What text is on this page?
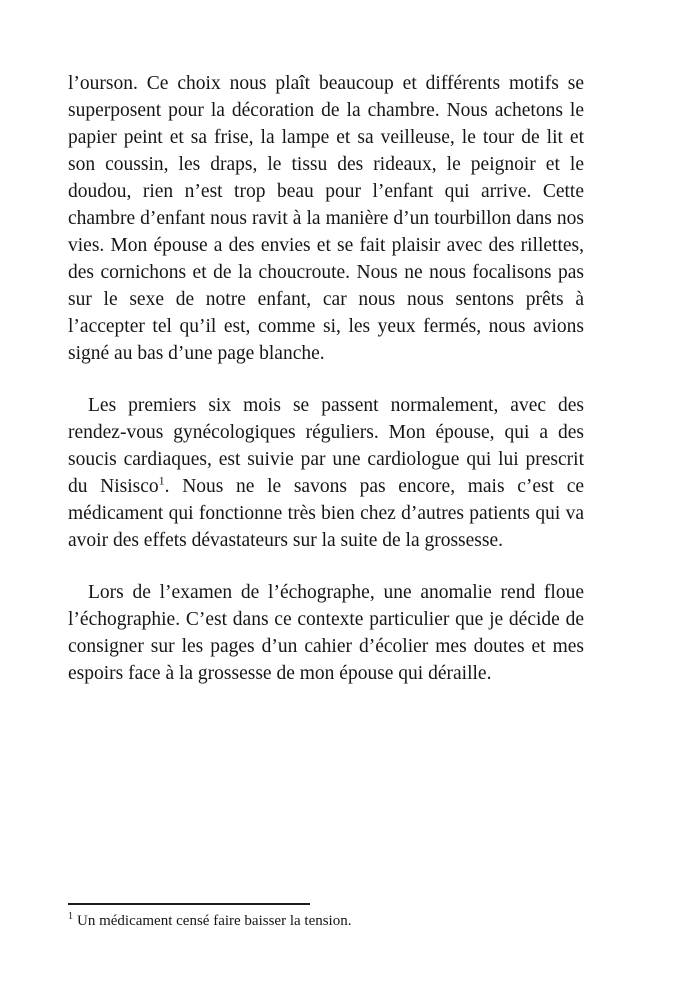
l’ourson. Ce choix nous plaît beaucoup et différents motifs se superposent pour la décoration de la chambre. Nous achetons le papier peint et sa frise, la lampe et sa veilleuse, le tour de lit et son coussin, les draps, le tissu des rideaux, le peignoir et le doudou, rien n’est trop beau pour l’enfant qui arrive. Cette chambre d’enfant nous ravit à la manière d’un tourbillon dans nos vies. Mon épouse a des envies et se fait plaisir avec des rillettes, des cornichons et de la choucroute. Nous ne nous focalisons pas sur le sexe de notre enfant, car nous nous sentons prêts à l’accepter tel qu’il est, comme si, les yeux fermés, nous avions signé au bas d’une page blanche.

Les premiers six mois se passent normalement, avec des rendez-vous gynécologiques réguliers. Mon épouse, qui a des soucis cardiaques, est suivie par une cardiologue qui lui prescrit du Nisisco$^1$. Nous ne le savons pas encore, mais c’est ce médicament qui fonctionne très bien chez d’autres patients qui va avoir des effets dévastateurs sur la suite de la grossesse.

Lors de l’examen de l’échographe, une anomalie rend floue l’échographie. C’est dans ce contexte particulier que je décide de consigner sur les pages d’un cahier d’écolier mes doutes et mes espoirs face à la grossesse de mon épouse qui déraille.

$^1$ Un médicament censé faire baisser la tension.
